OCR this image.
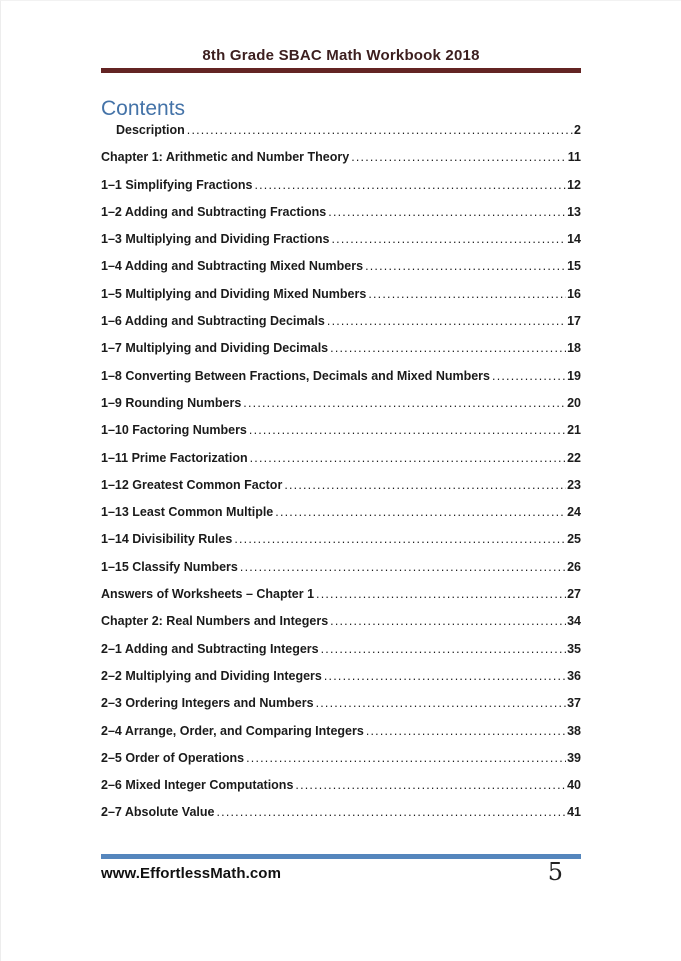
8th Grade SBAC Math Workbook 2018
Contents
Description .....	2
Chapter 1: Arithmetic and Number Theory .....	11
1–1 Simplifying Fractions .....	12
1–2 Adding and Subtracting Fractions .....	13
1–3 Multiplying and Dividing Fractions .....	14
1–4 Adding and Subtracting Mixed Numbers .....	15
1–5 Multiplying and Dividing Mixed Numbers .....	16
1–6 Adding and Subtracting Decimals .....	17
1–7 Multiplying and Dividing Decimals .....	18
1–8 Converting Between Fractions, Decimals and Mixed Numbers .....	19
1–9 Rounding Numbers .....	20
1–10 Factoring Numbers .....	21
1–11 Prime Factorization .....	22
1–12 Greatest Common Factor .....	23
1–13 Least Common Multiple .....	24
1–14 Divisibility Rules .....	25
1–15 Classify Numbers .....	26
Answers of Worksheets – Chapter 1 .....	27
Chapter 2: Real Numbers and Integers .....	34
2–1 Adding and Subtracting Integers .....	35
2–2 Multiplying and Dividing Integers .....	36
2–3 Ordering Integers and Numbers .....	37
2–4 Arrange, Order, and Comparing Integers .....	38
2–5 Order of Operations .....	39
2–6 Mixed Integer Computations .....	40
2–7 Absolute Value .....	41
www.EffortlessMath.com	5
